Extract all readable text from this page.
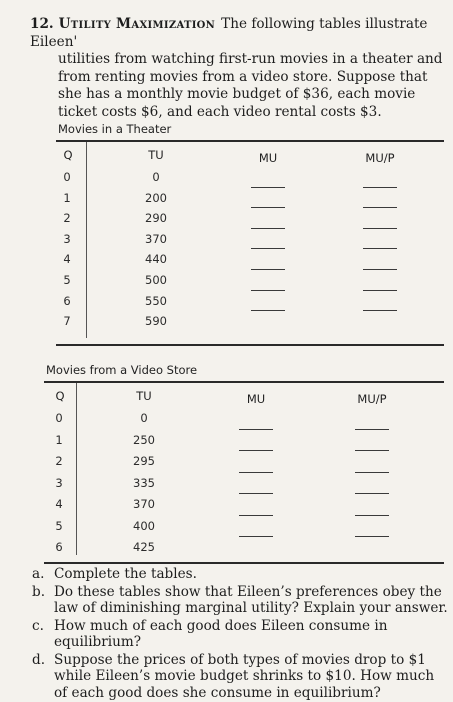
12. Utility Maximization The following tables illustrate Eileen'
utilities from watching first-run movies in a theater and from renting movies from a video store. Suppose that she has a monthly movie budget of $36, each movie ticket costs $6, and each video rental costs $3.
Movies in a Theater
Q	TU	MU	MU/P
0	0
1	200
2	290
3	370
4	440
5	500
6	550
7	590
Movies from a Video Store
Q	TU	MU	MU/P
0	0
1	250
2	295
3	335
4	370
5	400
6	425
a. Complete the tables.
b. Do these tables show that Eileen’s preferences obey the law of diminishing marginal utility? Explain your answer.
c. How much of each good does Eileen consume in equilibrium?
d. Suppose the prices of both types of movies drop to $1 while Eileen’s movie budget shrinks to $10. How much of each good does she consume in equilibrium?
